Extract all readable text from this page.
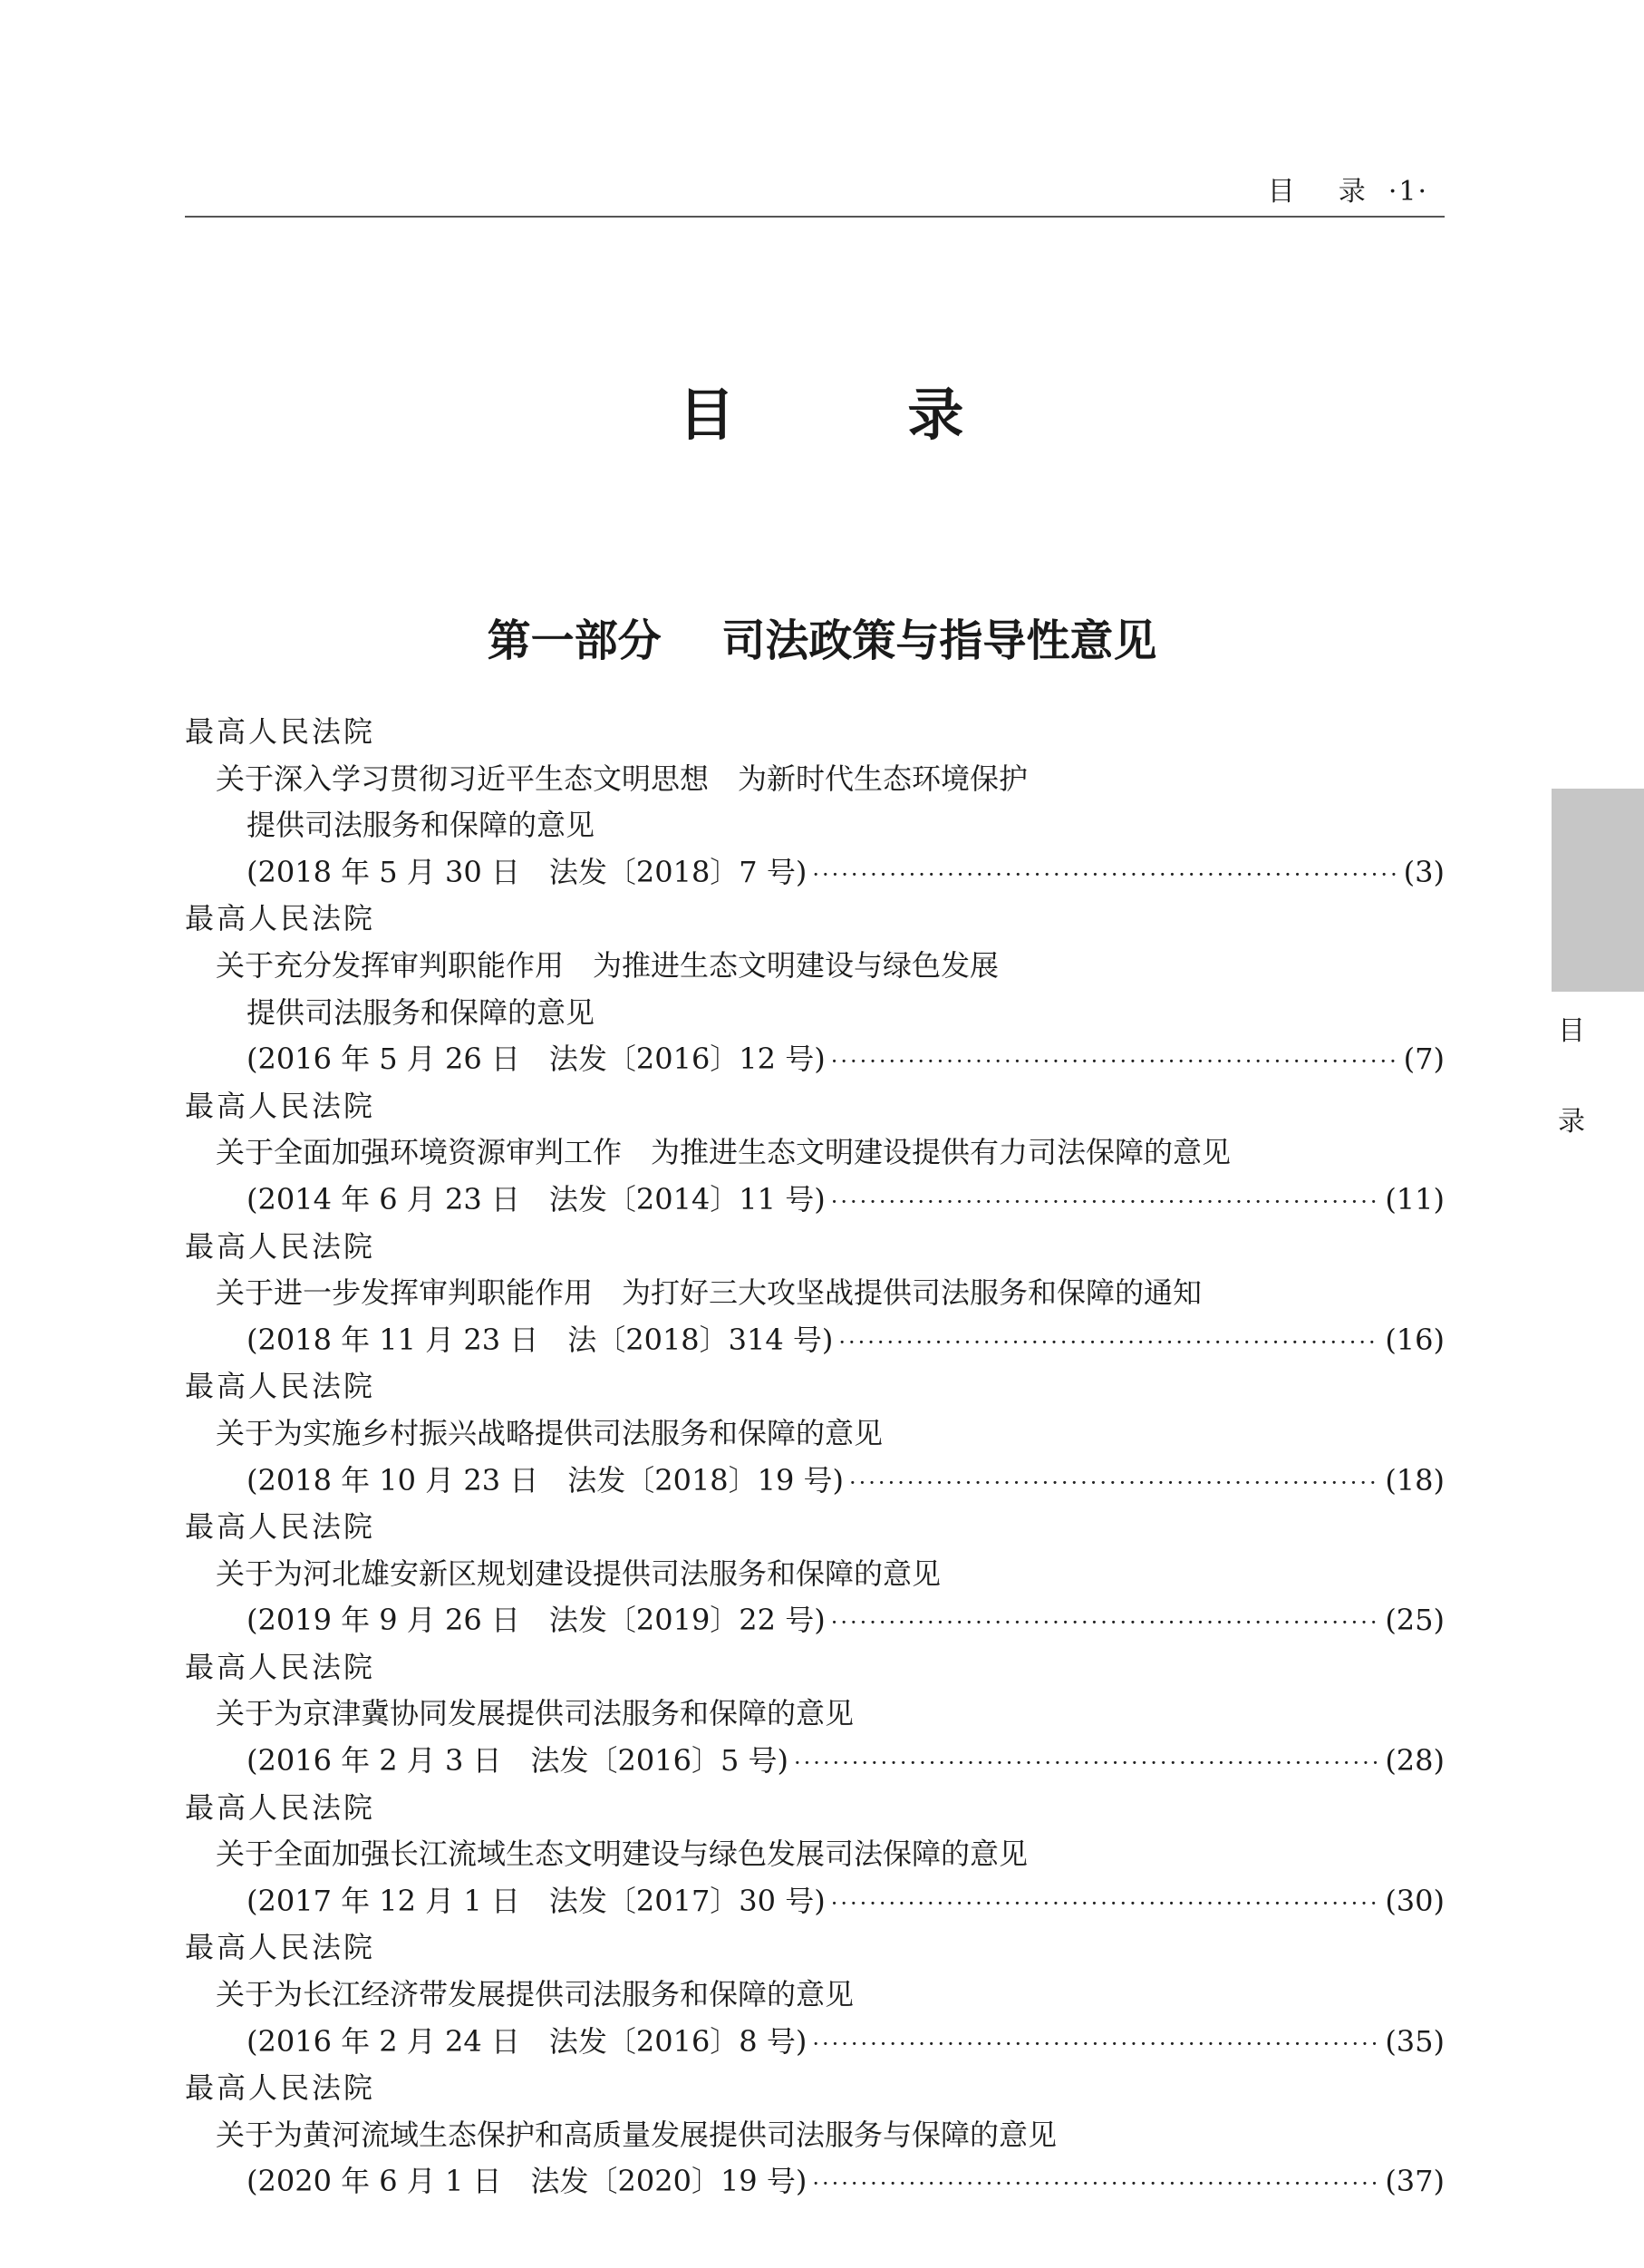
目    录  ·1·
目        录
第一部分    司法政策与指导性意见
最高人民法院
关于深入学习贯彻习近平生态文明思想　为新时代生态环境保护
提供司法服务和保障的意见
(2018 年 5 月 30 日　法发〔2018〕7 号) ·····	(3)
最高人民法院
关于充分发挥审判职能作用　为推进生态文明建设与绿色发展
提供司法服务和保障的意见
(2016 年 5 月 26 日　法发〔2016〕12 号) ·····	(7)
最高人民法院
关于全面加强环境资源审判工作　为推进生态文明建设提供有力司法保障的意见
(2014 年 6 月 23 日　法发〔2014〕11 号) ·····	(11)
最高人民法院
关于进一步发挥审判职能作用　为打好三大攻坚战提供司法服务和保障的通知
(2018 年 11 月 23 日　法〔2018〕314 号) ·····	(16)
最高人民法院
关于为实施乡村振兴战略提供司法服务和保障的意见
(2018 年 10 月 23 日　法发〔2018〕19 号) ·····	(18)
最高人民法院
关于为河北雄安新区规划建设提供司法服务和保障的意见
(2019 年 9 月 26 日　法发〔2019〕22 号) ·····	(25)
最高人民法院
关于为京津冀协同发展提供司法服务和保障的意见
(2016 年 2 月 3 日　法发〔2016〕5 号) ·····	(28)
最高人民法院
关于全面加强长江流域生态文明建设与绿色发展司法保障的意见
(2017 年 12 月 1 日　法发〔2017〕30 号) ·····	(30)
最高人民法院
关于为长江经济带发展提供司法服务和保障的意见
(2016 年 2 月 24 日　法发〔2016〕8 号) ·····	(35)
最高人民法院
关于为黄河流域生态保护和高质量发展提供司法服务与保障的意见
(2020 年 6 月 1 日　法发〔2020〕19 号) ·····	(37)
目
录
